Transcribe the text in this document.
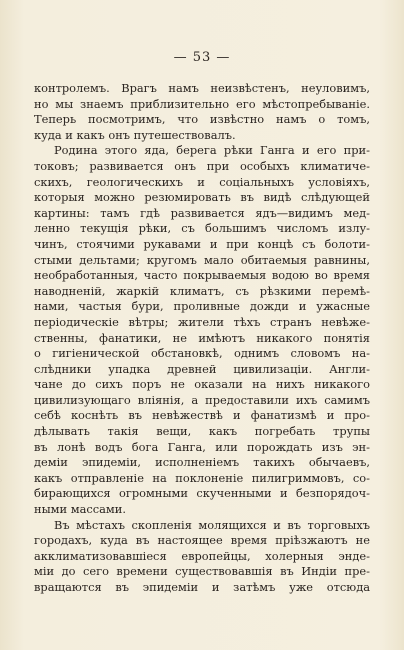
— 53 —
контролемъ. Врагъ намъ неизвѣстенъ, неуловимъ,
но мы знаемъ приблизительно его мѣстопребываніе.
Теперь посмотримъ, что извѣстно намъ о томъ,
куда и какъ онъ путешествовалъ.
Родина этого яда, берега рѣки Ганга и его при-
токовъ; развивается онъ при особыхъ климатиче-
скихъ, геологическихъ и соціальныхъ условіяхъ,
которыя можно резюмировать въ видѣ слѣдующей
картины: тамъ гдѣ развивается ядъ—видимъ мед-
ленно текущія рѣки, съ большимъ числомъ излу-
чинъ, стоячими рукавами и при концѣ съ болоти-
стыми дельтами; кругомъ мало обитаемыя равнины,
необработанныя, часто покрываемыя водою во время
наводненій, жаркій климатъ, съ рѣзкими перемѣ-
нами, частыя бури, проливные дожди и ужасные
періодическіе вѣтры; жители тѣхъ странъ невѣже-
ственны, фанатики, не имѣютъ никакого понятія
о гигіенической обстановкѣ, однимъ словомъ на-
слѣдники упадка древней цивилизаціи. Англи-
чане до сихъ поръ не оказали на нихъ никакого
цивилизующаго вліянія, а предоставили ихъ самимъ
себѣ коснѣть въ невѣжествѣ и фанатизмѣ и про-
дѣлывать такія вещи, какъ погребать трупы
въ лонѣ водъ бога Ганга, или порождать изъ эн-
деміи эпидеміи, исполненіемъ такихъ обычаевъ,
какъ отправленіе на поклоненіе пилигриммовъ, со-
бирающихся огромными скученными и безпорядоч-
ными массами.
Въ мѣстахъ скопленія молящихся и въ торговыхъ
городахъ, куда въ настоящее время пріѣзжаютъ не
акклиматизовавшіеся европейцы, холерныя энде-
міи до сего времени существовавшія въ Индіи пре-
вращаются въ эпидеміи и затѣмъ уже отсюда
